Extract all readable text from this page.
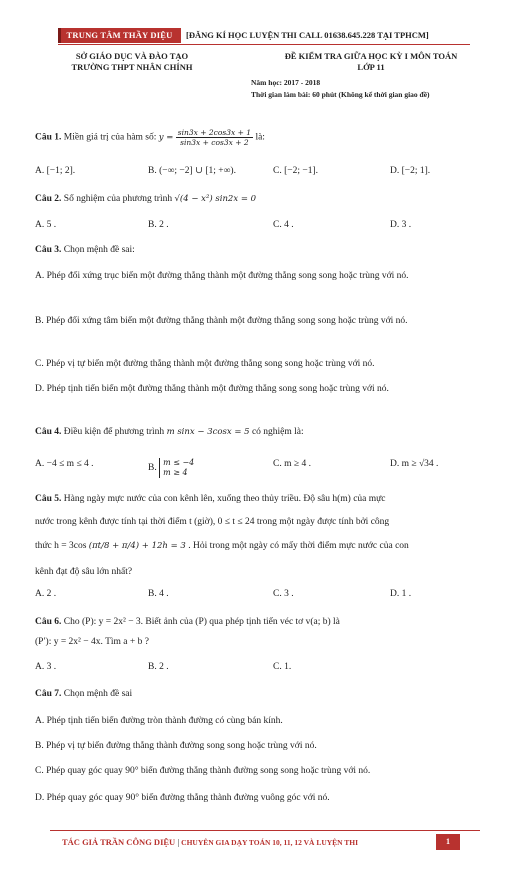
TRUNG TÂM THẦY DIỆU	[ĐĂNG KÍ HỌC LUYỆN THI CALL 01638.645.228 TẠI TPHCM]
SỞ GIÁO DỤC VÀ ĐÀO TẠO
TRƯỜNG THPT NHÂN CHÍNH
ĐỀ KIỂM TRA GIỮA HỌC KỲ I MÔN TOÁN
LỚP 11
Năm học: 2017 - 2018
Thời gian làm bài: 60 phút (Không kể thời gian giao đề)
Câu 1. Miền giá trị của hàm số: $y = \frac{\sin 3x + 2\cos 3x + 1}{\sin 3x + \cos 3x + 2}$ là:
A. [−1; 2].	B. (−∞; −2] ∪ [1; +∞).	C. [−2; −1].	D. [−2; 1].
Câu 2. Số nghiệm của phương trình √(4 − x²) sin2x = 0
A. 5 .	B. 2 .	C. 4 .	D. 3 .
Câu 3. Chọn mệnh đề sai:
A. Phép đối xứng trục biến một đường thẳng thành một đường thẳng song song hoặc trùng với nó.
B. Phép đối xứng tâm biến một đường thẳng thành một đường thẳng song song hoặc trùng với nó.
C. Phép vị tự biến một đường thẳng thành một đường thẳng song song hoặc trùng với nó.
D. Phép tịnh tiến biến một đường thẳng thành một đường thẳng song song hoặc trùng với nó.
Câu 4. Điều kiện để phương trình m sinx − 3cosx = 5 có nghiệm là:
A. −4 ≤ m ≤ 4 .	B.
m ≤ −4
m ≥ 4
C. m ≥ 4 .	D. m ≥ √34 .
Câu 5. Hàng ngày mực nước của con kênh lên, xuống theo thủy triều. Độ sâu h(m) của mực
nước trong kênh được tính tại thời điểm t (giờ), 0 ≤ t ≤ 24 trong một ngày được tính bởi công
thức h = 3cos (πt/8 + π/4) + 12h = 3 . Hỏi trong một ngày có mấy thời điểm mực nước của con
kênh đạt độ sâu lớn nhất?
A. 2 .	B. 4 .	C. 3 .	D. 1 .
Câu 6. Cho (P): y = 2x² − 3. Biết ảnh của (P) qua phép tịnh tiến véc tơ v(a; b) là
(P′): y = 2x² − 4x. Tìm a + b ?
A. 3 .	B. 2 .	C. 1.
Câu 7. Chọn mệnh đề sai
A. Phép tịnh tiến biến đường tròn thành đường có cùng bán kính.
B. Phép vị tự biến đường thẳng thành đường song song hoặc trùng với nó.
C. Phép quay góc quay 90° biến đường thẳng thành đường song song hoặc trùng với nó.
D. Phép quay góc quay 90° biến đường thẳng thành đường vuông góc với nó.
TÁC GIẢ TRẦN CÔNG DIỆU | CHUYÊN GIA DẠY TOÁN 10, 11, 12 VÀ LUYỆN THI	1
